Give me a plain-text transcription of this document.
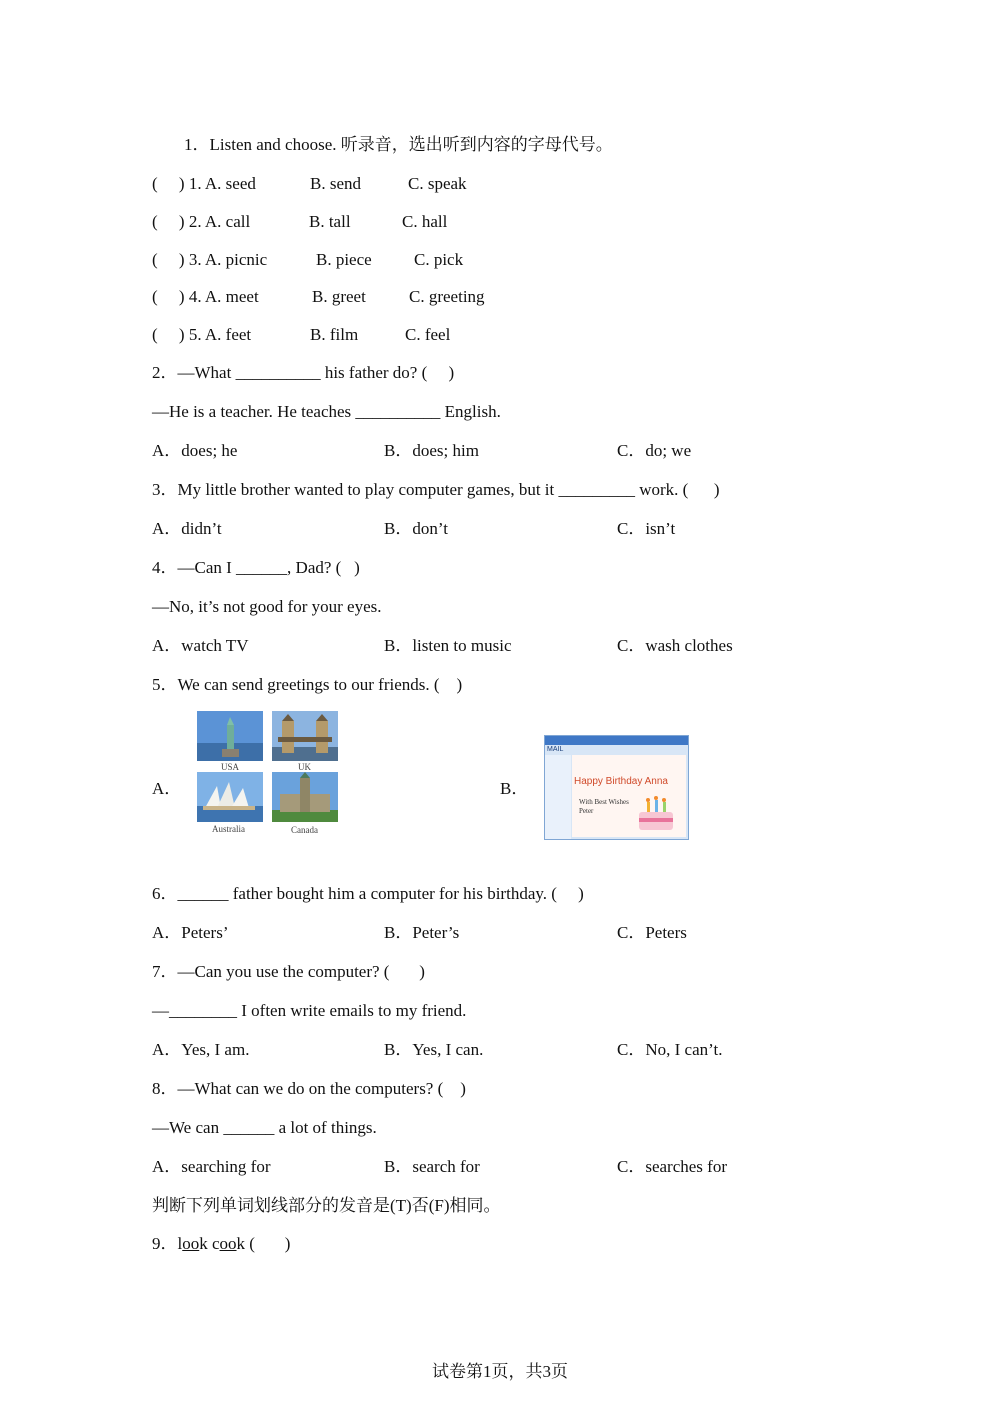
1．Listen and choose. 听录音，选出听到内容的字母代号。
(     ) 1. A. seed	B. send	C. speak
(     ) 2. A. call	B. tall	C. hall
(     ) 3. A. picnic	B. piece C. pick
(     ) 4. A. meet	B. greet	C. greeting
(     ) 5. A. feet	B. film	C. feel
2．—What __________ his father do? (     )
—He is a teacher. He teaches __________ English.
A．does; he	B．does; him	C．do; we
3．My little brother wanted to play computer games, but it _________ work. (      )
A．didn’t	B．don’t	C．isn’t
4．—Can I ______, Dad? (   )
—No, it’s not good for your eyes.
A．watch TV	B．listen to music	C．wash clothes
5．We can send greetings to our friends. (    )
A．
USA	UK
Australia	Canada
B．
MAIL
Happy Birthday Anna
With Best Wishes
Peter
6．______ father bought him a computer for his birthday. (     )
A．Peters’	B．Peter’s	C．Peters
7．—Can you use the computer? (       )
—________ I often write emails to my friend.
A．Yes, I am.	B．Yes, I can.	C．No, I can’t.
8．—What can we do on the computers? (    )
—We can ______ a lot of things.
A．searching for	B．search for	C．searches for
判断下列单词划线部分的发音是(T)否(F)相同。
9．look cook (       )
试卷第1页，共3页
